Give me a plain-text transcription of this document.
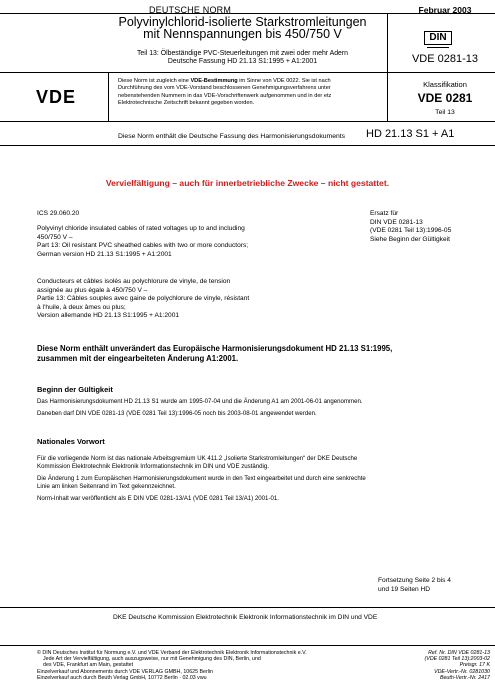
DEUTSCHE NORM	Februar 2003
Polyvinylchlorid-isolierte Starkstromleitungen
mit Nennspannungen bis 450/750 V
Teil 13: Ölbeständige PVC-Steuerleitungen mit zwei oder mehr Adern
Deutsche Fassung HD 21.13 S1:1995 + A1:2001
DIN
VDE 0281-13
VDE
Diese Norm ist zugleich eine VDE-Bestimmung im Sinne von VDE 0022. Sie ist nach
Durchführung des vom VDE-Vorstand beschlossenen Genehmigungsverfahrens unter
nebenstehenden Nummern in das VDE-Vorschriftenwerk aufgenommen und in der etz
Elektrotechnische Zeitschrift bekannt gegeben worden.
Klassifikation
VDE 0281
Teil 13
Diese Norm enthält die Deutsche Fassung des Harmonisierungsdokuments HD 21.13 S1 + A1
Vervielfältigung – auch für innerbetriebliche Zwecke – nicht gestattet.
ICS 29.060.20
Polyvinyl chloride insulated cables of rated voltages up to and including
450/750 V –
Part 13: Oil resistant PVC sheathed cables with two or more conductors;
German version HD 21.13 S1:1995 + A1:2001
Conducteurs et câbles isolés au polychlorure de vinyle, de tension
assignée au plus égale à 450/750 V –
Partie 13: Câbles souples avec gaine de polychlorure de vinyle, résistant
à l’huile, à deux âmes ou plus;
Version allemande HD 21.13 S1:1995 + A1:2001
Ersatz für
DIN VDE 0281-13
(VDE 0281 Teil 13):1996-05
Siehe Beginn der Gültigkeit
Diese Norm enthält unverändert das Europäische Harmonisierungsdokument HD 21.13 S1:1995,
zusammen mit der eingearbeiteten Änderung A1:2001.
Beginn der Gültigkeit
Das Harmonisierungsdokument HD 21.13 S1 wurde am 1995-07-04 und die Änderung A1 am 2001-06-01 angenommen.
Daneben darf DIN VDE 0281-13 (VDE 0281 Teil 13):1996-05 noch bis 2003-08-01 angewendet werden.
Nationales Vorwort
Für die vorliegende Norm ist das nationale Arbeitsgremium UK 411.2 „Isolierte Starkstromleitungen“ der DKE Deutsche
Kommission Elektrotechnik Elektronik Informationstechnik im DIN und VDE zuständig.
Die Änderung 1 zum Europäischen Harmonisierungsdokument wurde in den Text eingearbeitet und durch eine senkrechte
Linie am linken Seitenrand im Text gekennzeichnet.
Norm-Inhalt war veröffentlicht als E DIN VDE 0281-13/A1 (VDE 0281 Teil 13/A1) 2001-01.
Fortsetzung Seite 2 bis 4
und 19 Seiten HD
DKE Deutsche Kommission Elektrotechnik Elektronik Informationstechnik im DIN und VDE
© DIN Deutsches Institut für Normung e.V. und VDE Verband der Elektrotechnik Elektronik Informationstechnik e.V.
Jede Art der Vervielfältigung, auch auszugsweise, nur mit Genehmigung des DIN, Berlin, und
des VDE, Frankfurt am Main, gestattet
Einzelverkauf und Abonnements durch VDE VERLAG GMBH, 10625 Berlin
Einzelverkauf auch durch Beuth Verlag GmbH, 10772 Berlin · 02.03 vwu
Ref. Nr. DIN VDE 0281-13
(VDE 0281 Teil 13):2003-02
Preisgr. 17 K
VDE-Vertr.-Nr. 0281030
Beuth-Vertr.-Nr. 2417
